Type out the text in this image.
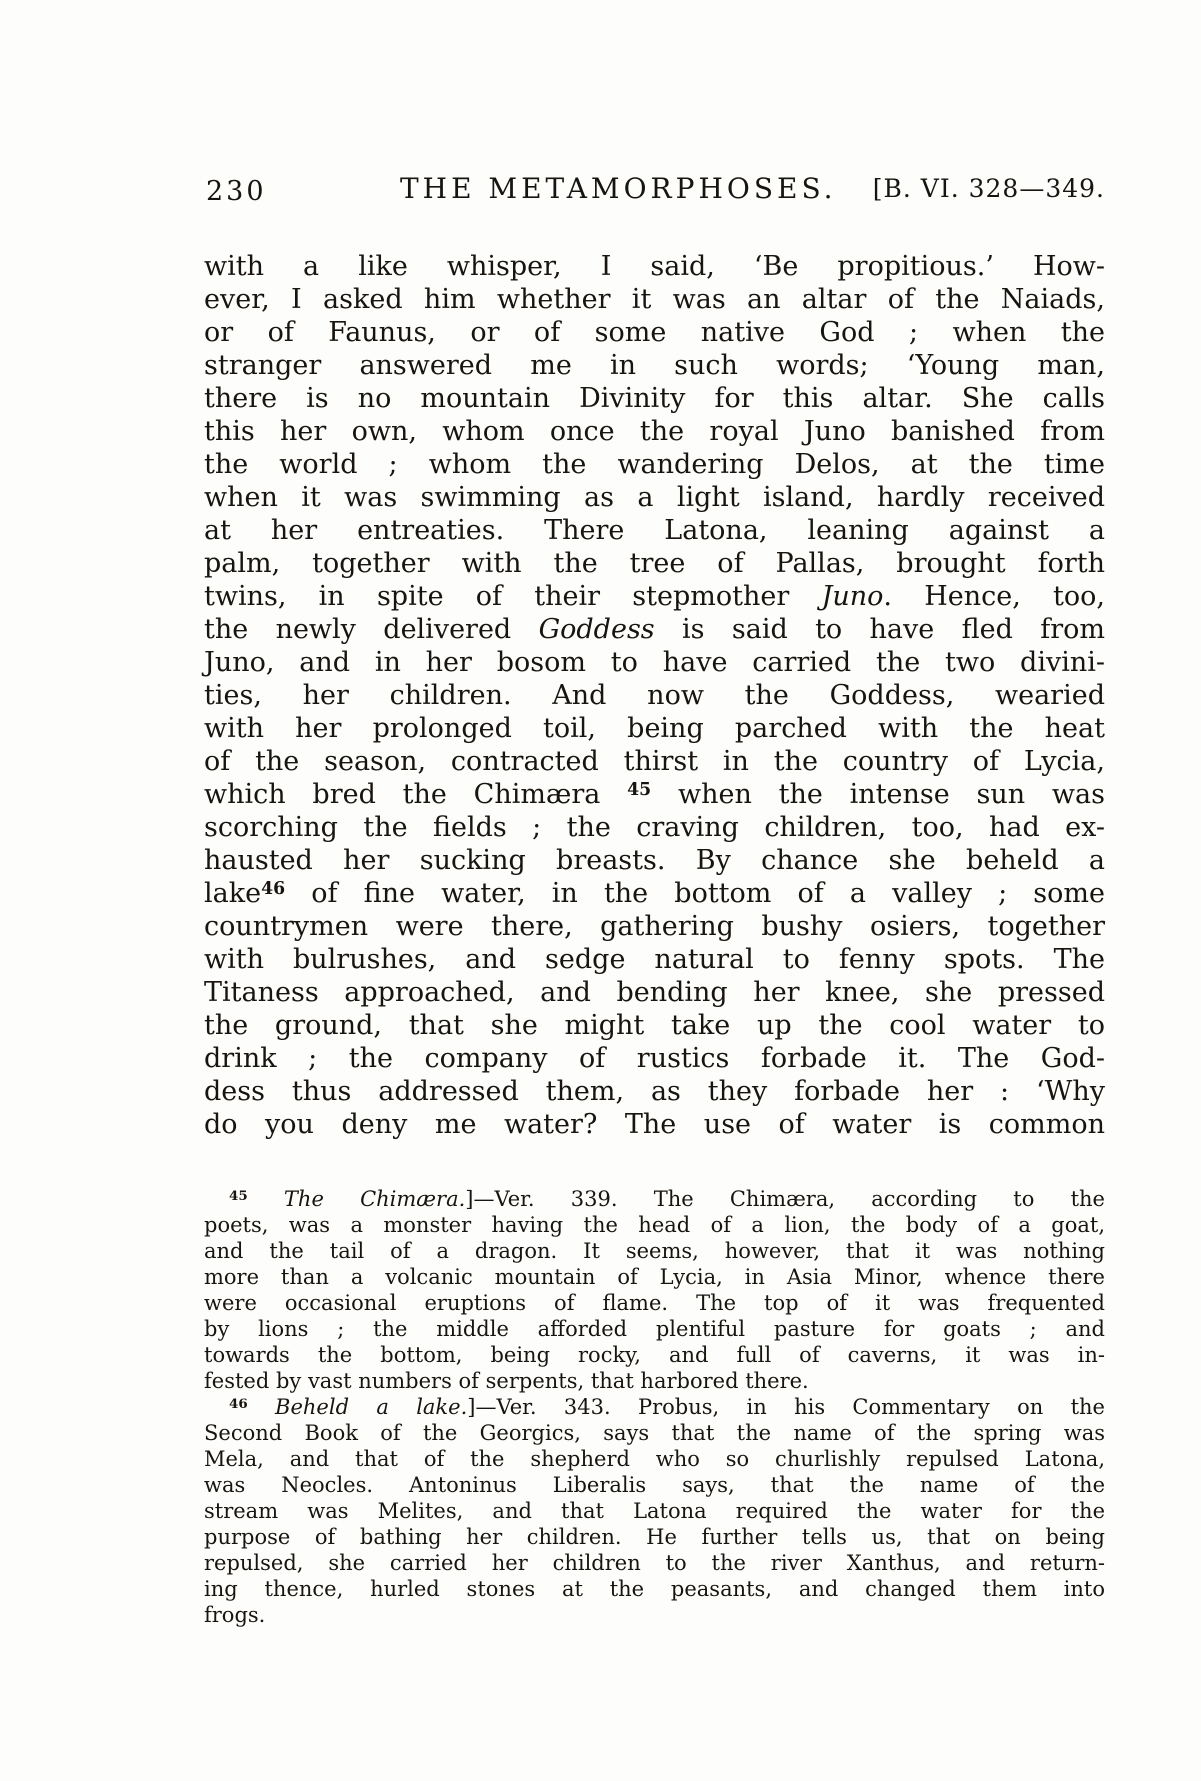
230	THE METAMORPHOSES. [B. VI. 328—349.
with a like whisper, I said, ‘Be propitious.’ How-
ever, I asked him whether it was an altar of the Naiads,
or of Faunus, or of some native God ; when the
stranger answered me in such words; ‘Young man,
there is no mountain Divinity for this altar. She calls
this her own, whom once the royal Juno banished from
the world ; whom the wandering Delos, at the time
when it was swimming as a light island, hardly received
at her entreaties. There Latona, leaning against a
palm, together with the tree of Pallas, brought forth
twins, in spite of their stepmother Juno. Hence, too,
the newly delivered Goddess is said to have fled from
Juno, and in her bosom to have carried the two divini-
ties, her children. And now the Goddess, wearied
with her prolonged toil, being parched with the heat
of the season, contracted thirst in the country of Lycia,
which bred the Chimæra $^{45}$ when the intense sun was
scorching the fields ; the craving children, too, had ex-
hausted her sucking breasts. By chance she beheld a
lake$^{46}$ of fine water, in the bottom of a valley ; some
countrymen were there, gathering bushy osiers, together
with bulrushes, and sedge natural to fenny spots. The
Titaness approached, and bending her knee, she pressed
the ground, that she might take up the cool water to
drink ; the company of rustics forbade it. The God-
dess thus addressed them, as they forbade her : ‘Why
do you deny me water? The use of water is common
$^{45}$ The Chimæra.]—Ver. 339. The Chimæra, according to the
poets, was a monster having the head of a lion, the body of a goat,
and the tail of a dragon. It seems, however, that it was nothing
more than a volcanic mountain of Lycia, in Asia Minor, whence there
were occasional eruptions of flame. The top of it was frequented
by lions ; the middle afforded plentiful pasture for goats ; and
towards the bottom, being rocky, and full of caverns, it was in-
fested by vast numbers of serpents, that harbored there.
$^{46}$ Beheld a lake.]—Ver. 343. Probus, in his Commentary on the
Second Book of the Georgics, says that the name of the spring was
Mela, and that of the shepherd who so churlishly repulsed Latona,
was Neocles. Antoninus Liberalis says, that the name of the
stream was Melites, and that Latona required the water for the
purpose of bathing her children. He further tells us, that on being
repulsed, she carried her children to the river Xanthus, and return-
ing thence, hurled stones at the peasants, and changed them into
frogs.
